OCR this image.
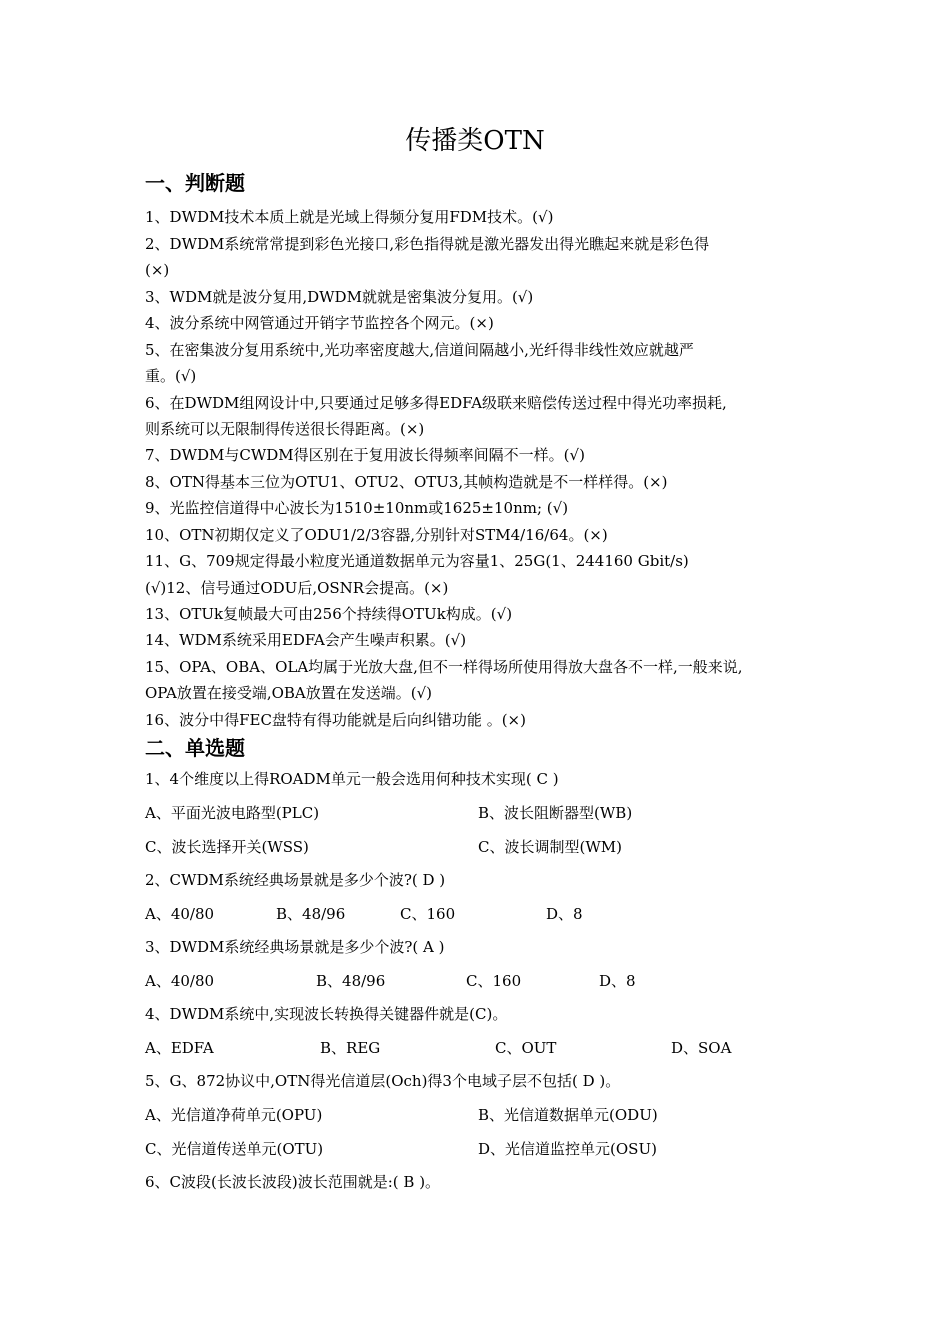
传播类OTN
一、判断题
1、DWDM技术本质上就是光域上得频分复用FDM技术。(√)
2、DWDM系统常常提到彩色光接口,彩色指得就是激光器发出得光瞧起来就是彩色得
(×)
3、WDM就是波分复用,DWDM就就是密集波分复用。(√)
4、波分系统中网管通过开销字节监控各个网元。(×)
5、在密集波分复用系统中,光功率密度越大,信道间隔越小,光纤得非线性效应就越严
重。(√)
6、在DWDM组网设计中,只要通过足够多得EDFA级联来赔偿传送过程中得光功率损耗,
则系统可以无限制得传送很长得距离。(×)
7、DWDM与CWDM得区别在于复用波长得频率间隔不一样。(√)
8、OTN得基本三位为OTU1、OTU2、OTU3,其帧构造就是不一样样得。(×)
9、光监控信道得中心波长为1510±10nm或1625±10nm; (√)
10、OTN初期仅定义了ODU1/2/3容器,分别针对STM4/16/64。(×)
11、G、709规定得最小粒度光通道数据单元为容量1、25G(1、244160 Gbit/s)
(√)12、信号通过ODU后,OSNR会提高。(×)
13、OTUk复帧最大可由256个持续得OTUk构成。(√)
14、WDM系统采用EDFA会产生噪声积累。(√)
15、OPA、OBA、OLA均属于光放大盘,但不一样得场所使用得放大盘各不一样,一般来说,
OPA放置在接受端,OBA放置在发送端。(√)
16、波分中得FEC盘特有得功能就是后向纠错功能 。(×)
二、单选题
1、4个维度以上得ROADM单元一般会选用何种技术实现( C )
A、平面光波电路型(PLC)	B、波长阻断器型(WB)
C、波长选择开关(WSS)	C、波长调制型(WM)
2、CWDM系统经典场景就是多少个波?( D )
A、40/80	B、48/96	C、160	D、8
3、DWDM系统经典场景就是多少个波?( A )
A、40/80	B、48/96	C、160	D、8
4、DWDM系统中,实现波长转换得关键器件就是(C)。
A、EDFA	B、REG	C、OUT	D、SOA
5、G、872协议中,OTN得光信道层(Och)得3个电域子层不包括( D )。
A、光信道净荷单元(OPU)	B、光信道数据单元(ODU)
C、光信道传送单元(OTU)	D、光信道监控单元(OSU)
6、C波段(长波长波段)波长范围就是:( B )。
